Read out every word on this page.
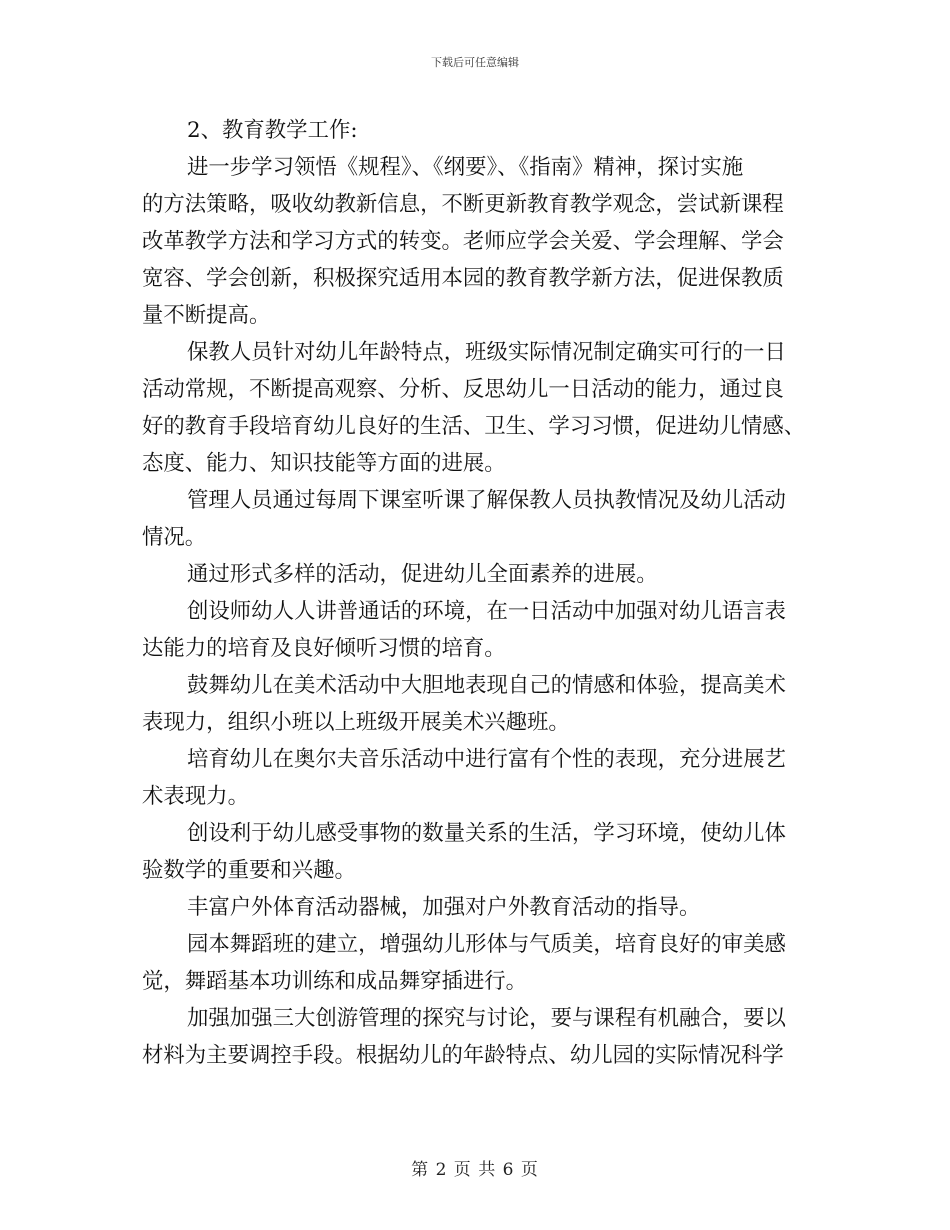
下载后可任意编辑
2、教育教学工作:
进一步学习领悟《规程》、《纲要》、《指南》精神，探讨实施
的方法策略，吸收幼教新信息，不断更新教育教学观念，尝试新课程
改革教学方法和学习方式的转变。老师应学会关爱、学会理解、学会
宽容、学会创新，积极探究适用本园的教育教学新方法，促进保教质
量不断提高。
保教人员针对幼儿年龄特点，班级实际情况制定确实可行的一日
活动常规，不断提高观察、分析、反思幼儿一日活动的能力，通过良
好的教育手段培育幼儿良好的生活、卫生、学习习惯，促进幼儿情感、
态度、能力、知识技能等方面的进展。
管理人员通过每周下课室听课了解保教人员执教情况及幼儿活动
情况。
通过形式多样的活动，促进幼儿全面素养的进展。
创设师幼人人讲普通话的环境，在一日活动中加强对幼儿语言表
达能力的培育及良好倾听习惯的培育。
鼓舞幼儿在美术活动中大胆地表现自己的情感和体验，提高美术
表现力，组织小班以上班级开展美术兴趣班。
培育幼儿在奥尔夫音乐活动中进行富有个性的表现，充分进展艺
术表现力。
创设利于幼儿感受事物的数量关系的生活，学习环境，使幼儿体
验数学的重要和兴趣。
丰富户外体育活动器械，加强对户外教育活动的指导。
园本舞蹈班的建立，增强幼儿形体与气质美，培育良好的审美感
觉，舞蹈基本功训练和成品舞穿插进行。
加强加强三大创游管理的探究与讨论，要与课程有机融合，要以
材料为主要调控手段。根据幼儿的年龄特点、幼儿园的实际情况科学
第 2 页 共 6 页
